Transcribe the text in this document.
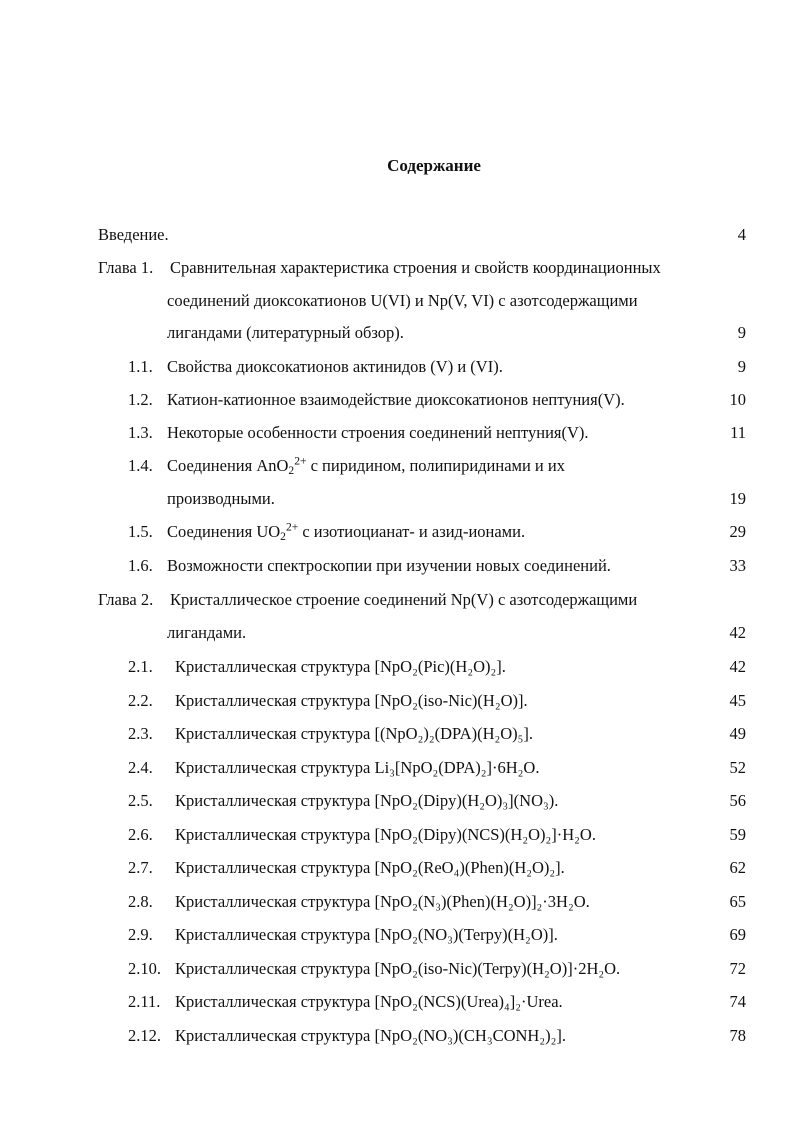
Содержание
Введение.	4
Глава 1. Сравнительная характеристика строения и свойств координационных
соединений диоксокатионов U(VI) и Np(V, VI) с азотсодержащими
лигандами (литературный обзор).	9
1.1. Свойства диоксокатионов актинидов (V) и (VI).	9
1.2. Катион-катионное взаимодействие диоксокатионов нептуния(V).	10
1.3. Некоторые особенности строения соединений нептуния(V).	11
1.4. Соединения AnO$_2^{2+}$ с пиридином, полипиридинами и их
производными.	19
1.5. Соединения $UO_2^{2+}$ с изотиоцианат- и азид-ионами.	29
1.6. Возможности спектроскопии при изучении новых соединений.	33
Глава 2. Кристаллическое строение соединений Np(V) с азотсодержащими
лигандами.	42
2.1. Кристаллическая структура [NpO₂(Pic)(H₂O)₂].	42
2.2. Кристаллическая структура [NpO₂(iso-Nic)(H₂O)].	45
2.3. Кристаллическая структура [(NpO₂)₂(DPA)(H₂O)₅].	49
2.4. Кристаллическая структура Li₃[NpO₂(DPA)₂]·6H₂O.	52
2.5. Кристаллическая структура [NpO₂(Dipy)(H₂O)₃](NO₃).	56
2.6. Кристаллическая структура [NpO₂(Dipy)(NCS)(H₂O)₂]·H₂O.	59
2.7. Кристаллическая структура [NpO₂(ReO₄)(Phen)(H₂O)₂].	62
2.8. Кристаллическая структура [NpO₂(N₃)(Phen)(H₂O)]₂·3H₂O.	65
2.9. Кристаллическая структура [NpO₂(NO₃)(Terpy)(H₂O)].	69
2.10. Кристаллическая структура [NpO₂(iso-Nic)(Terpy)(H₂O)]·2H₂O.	72
2.11. Кристаллическая структура [NpO₂(NCS)(Urea)₄]₂·Urea.	74
2.12. Кристаллическая структура [NpO₂(NO₃)(CH₃CONH₂)₂].	78
